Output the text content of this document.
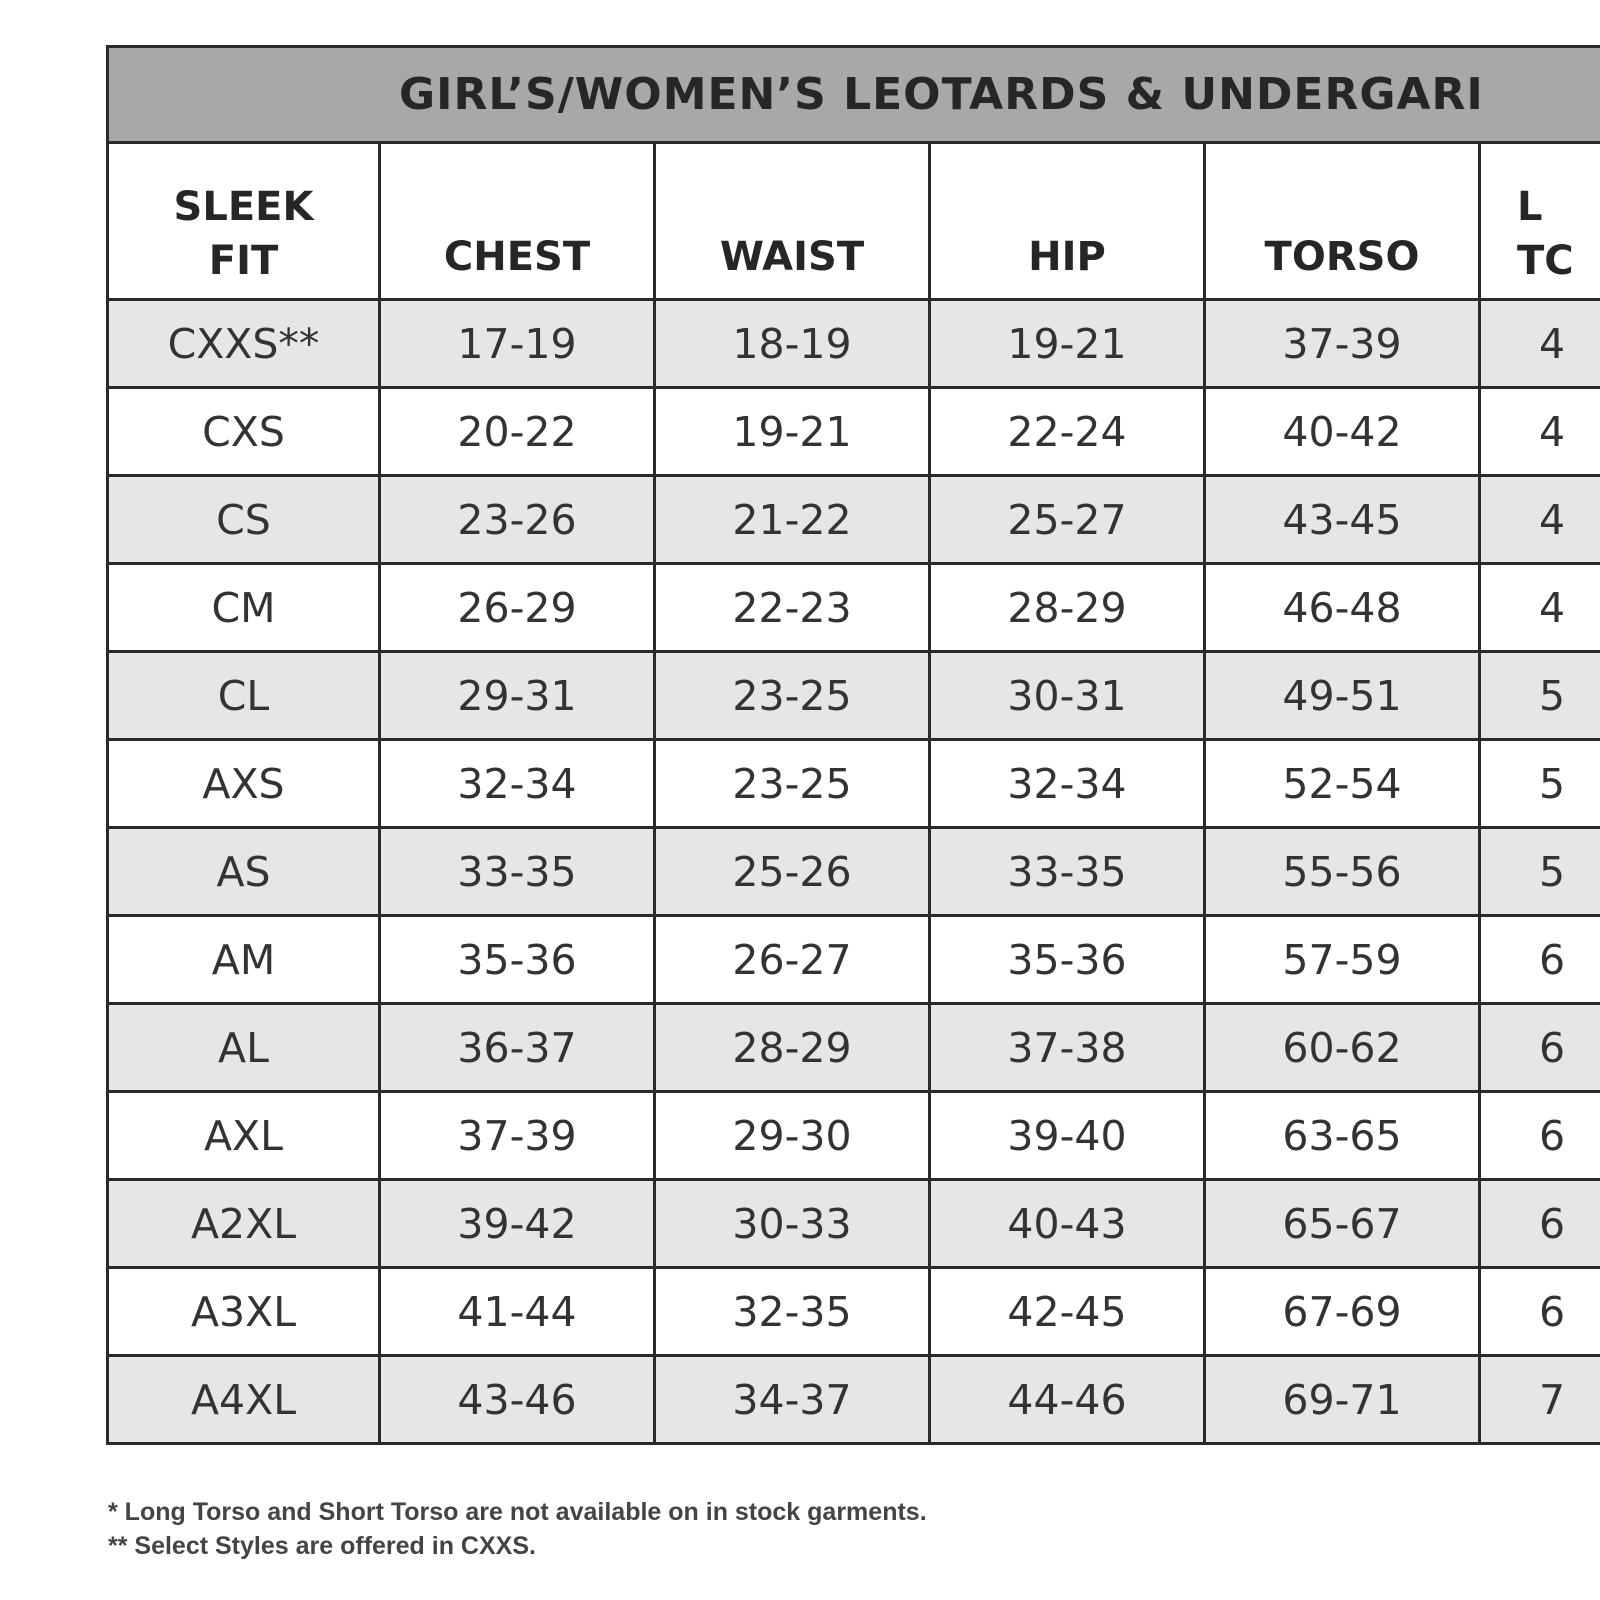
GIRL’S/WOMEN’S LEOTARDS & UNDERGARI					
SLEEK
FIT	CHEST	WAIST	HIP	TORSO	L
TC
CXXS**	17-19	18-19	19-21	37-39	4
CXS	20-22	19-21	22-24	40-42	4
CS	23-26	21-22	25-27	43-45	4
CM	26-29	22-23	28-29	46-48	4
CL	29-31	23-25	30-31	49-51	5
AXS	32-34	23-25	32-34	52-54	5
AS	33-35	25-26	33-35	55-56	5
AM	35-36	26-27	35-36	57-59	6
AL	36-37	28-29	37-38	60-62	6
AXL	37-39	29-30	39-40	63-65	6
A2XL	39-42	30-33	40-43	65-67	6
A3XL	41-44	32-35	42-45	67-69	6
A4XL	43-46	34-37	44-46	69-71	7
* Long Torso and Short Torso are not available on in stock garments.
** Select Styles are offered in CXXS.
